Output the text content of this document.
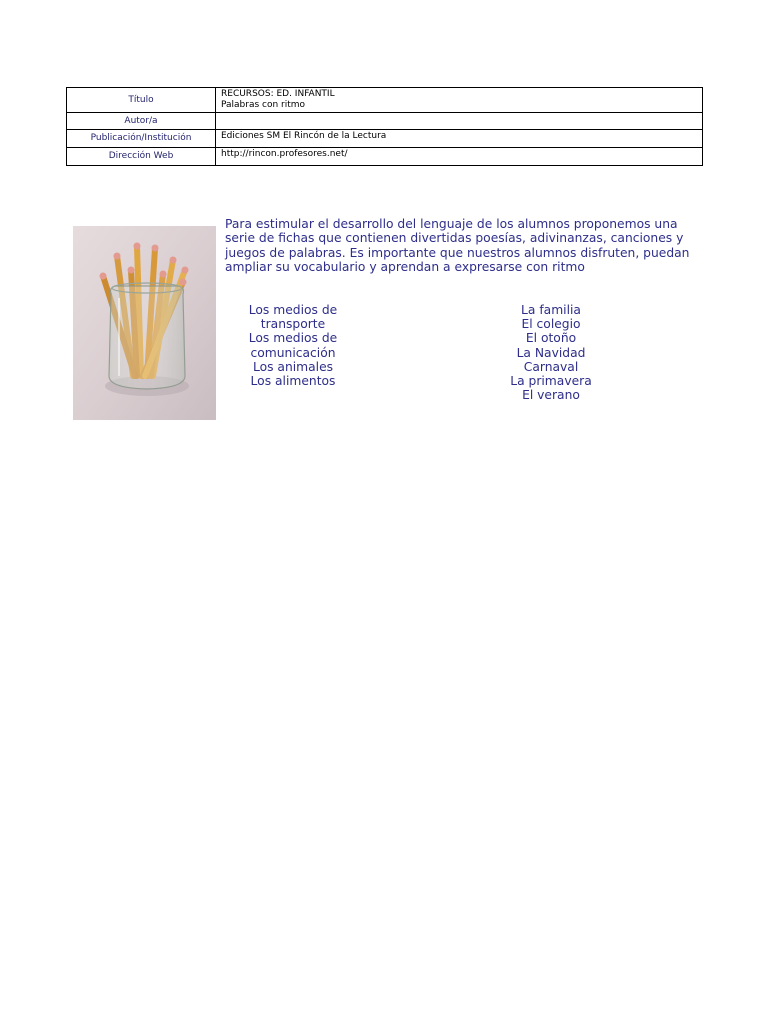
Título	RECURSOS: ED. INFANTIL
Palabras con ritmo

Autor/a	
Publicación/Institución	Ediciones SM El Rincón de la Lectura
Dirección Web	http://rincon.profesores.net/

Para estimular el desarrollo del lenguaje de los alumnos proponemos una serie de fichas que contienen divertidas poesías, adivinanzas, canciones y juegos de palabras. Es importante que nuestros alumnos disfruten, puedan ampliar su vocabulario y aprendan a expresarse con ritmo

Los medios de transporte
Los medios de comunicación
Los animales
Los alimentos
La familia
El colegio
El otoño
La Navidad
Carnaval
La primavera
El verano
